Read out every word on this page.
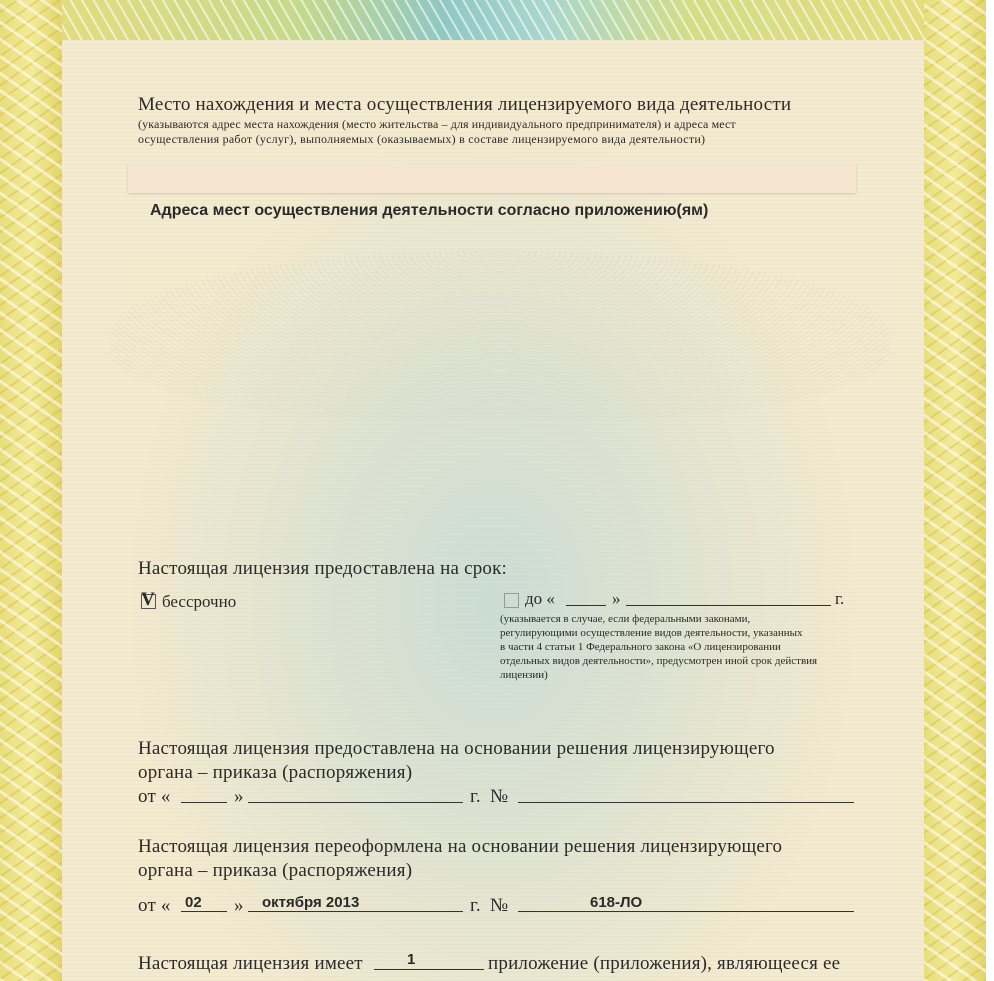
Место нахождения и места осуществления лицензируемого вида деятельности
(указываются адрес места нахождения (место жительства – для индивидуального предпринимателя) и адреса мест
осуществления работ (услуг), выполняемых (оказываемых) в составе лицензируемого вида деятельности)
Адреса мест осуществления деятельности согласно приложению(ям)
Настоящая лицензия предоставлена на срок:
V бессрочно	до «	»	г.
(указывается в случае, если федеральными законами,
регулирующими осуществление видов деятельности, указанных
в части 4 статьи 1 Федерального закона «О лицензировании
отдельных видов деятельности», предусмотрен иной срок действия
лицензии)
Настоящая лицензия предоставлена на основании решения лицензирующего
органа – приказа (распоряжения)
от «	»	г. №
Настоящая лицензия переоформлена на основании решения лицензирующего
органа – приказа (распоряжения)
от « 02 » октября 2013	г. №	618-ЛО
Настоящая лицензия имеет	1	приложение (приложения), являющееся ее
